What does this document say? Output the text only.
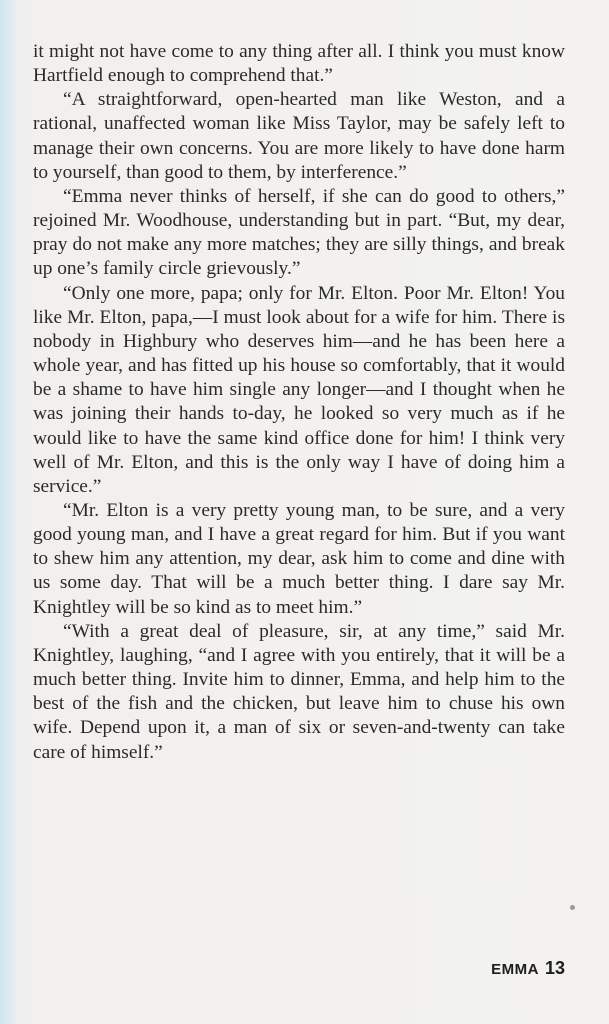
it might not have come to any thing after all. I think you must know Hartfield enough to comprehend that.”

“A straightforward, open-hearted man like Weston, and a rational, unaffected woman like Miss Taylor, may be safely left to manage their own concerns. You are more likely to have done harm to yourself, than good to them, by interference.”

“Emma never thinks of herself, if she can do good to others,” rejoined Mr. Woodhouse, understanding but in part. “But, my dear, pray do not make any more matches; they are silly things, and break up one’s family circle grievously.”

“Only one more, papa; only for Mr. Elton. Poor Mr. Elton! You like Mr. Elton, papa,—I must look about for a wife for him. There is nobody in Highbury who deserves him—and he has been here a whole year, and has fitted up his house so comfortably, that it would be a shame to have him single any longer—and I thought when he was joining their hands to-day, he looked so very much as if he would like to have the same kind office done for him! I think very well of Mr. Elton, and this is the only way I have of doing him a service.”

“Mr. Elton is a very pretty young man, to be sure, and a very good young man, and I have a great regard for him. But if you want to shew him any attention, my dear, ask him to come and dine with us some day. That will be a much better thing. I dare say Mr. Knightley will be so kind as to meet him.”

“With a great deal of pleasure, sir, at any time,” said Mr. Knightley, laughing, “and I agree with you entirely, that it will be a much better thing. Invite him to dinner, Emma, and help him to the best of the fish and the chicken, but leave him to chuse his own wife. Depend upon it, a man of six or seven-and-twenty can take care of himself.”

EMMA 13
